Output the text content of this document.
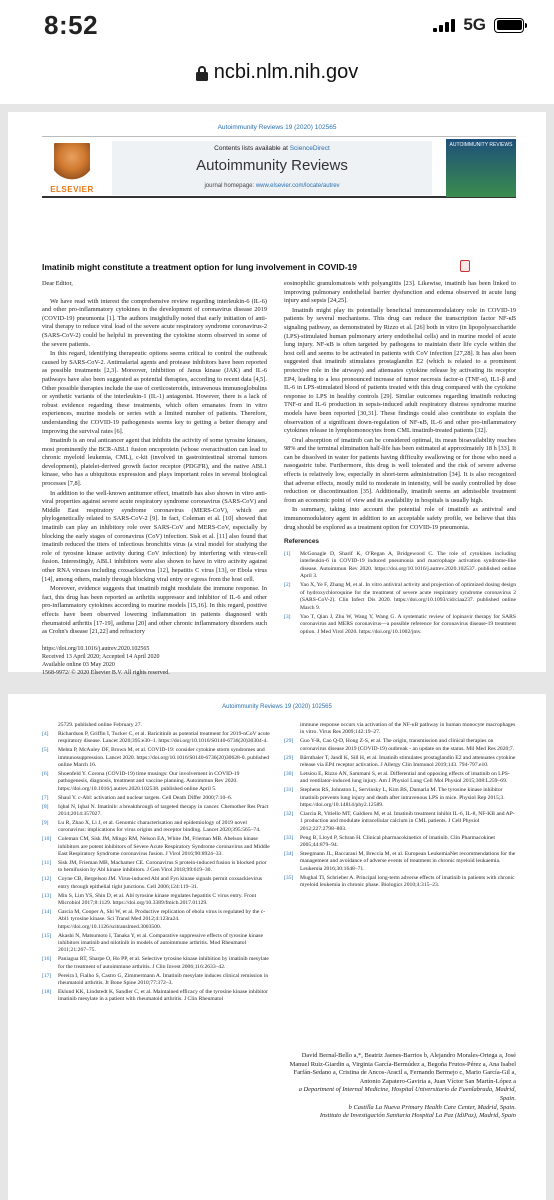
8:52	5G
ncbi.nlm.nih.gov
Autoimmunity Reviews 19 (2020) 102565
ELSEVIER
Contents lists available at ScienceDirect
Autoimmunity Reviews
journal homepage: www.elsevier.com/locate/autrev
AUTOIMMUNITY REVIEWS
Imatinib might constitute a treatment option for lung involvement in COVID-19

Dear Editor,

We have read with interest the comprehensive review regarding interleukin-6 (IL-6) and other pro-inflammatory cytokines in the development of coronavirus disease 2019 (COVID-19) pneumonia [1]. The authors insightfully noted that early initiation of anti-viral therapy to reduce viral load of the severe acute respiratory syndrome coronavirus-2 (SARS-CoV-2) could be helpful in preventing the cytokine storm observed in some of the severe patients.

In this regard, identifying therapeutic options seems critical to control the outbreak caused by SARS-CoV-2. Antimalarial agents and protease inhibitors have been reported as possible treatments [2,3]. Moreover, inhibition of Janus kinase (JAK) and IL-6 pathways have also been suggested as potential therapies, according to recent data [4,5]. Other possible therapies include the use of corticosteroids, intravenous immunoglobulins or synthetic variants of the interleukin-1 (IL-1) antagonist. However, there is a lack of robust evidence regarding these treatments, which often emanates from in vitro experiences, murine models or series with a limited number of patients. Therefore, understanding the COVID-19 pathogenesis seems key to getting a better therapy and improving the survival rates [6].

Imatinib is an oral anticancer agent that inhibits the activity of some tyrosine kinases, most prominently the BCR-ABL1 fusion oncoprotein (whose overactivation can lead to chronic myeloid leukemia, CML), c-kit (involved in gastrointestinal stromal tumors development), platelet-derived growth factor receptor (PDGFR), and the native ABL1 kinase, who has a ubiquitous expression and plays important roles in several biological processes [7,8].

In addition to the well-known antitumor effect, imatinib has also shown in vitro anti-viral properties against severe acute respiratory syndrome coronavirus (SARS-CoV) and Middle East respiratory syndrome coronavirus (MERS-CoV), which are phylogenetically related to SARS-CoV-2 [9]. In fact, Coleman et al. [10] showed that imatinib can play an inhibitory role over SARS-CoV and MERS-CoV, especially by blocking the early stages of coronavirus (CoV) infection. Sisk et al. [11] also found that imatinib reduced the titers of infectious bronchitis virus (a viral model for studying the role of tyrosine kinase activity during CoV infection) by interfering with virus-cell fusion. Interestingly, ABL1 inhibitors were also shown to have in vitro activity against other RNA viruses including coxsackievirus [12], hepatitis C virus [13], or Ebola virus [14], among others, mainly through blocking viral entry or egress from the host cell.

Moreover, evidence suggests that imatinib might modulate the immune response. In fact, this drug has been reported as arthritis suppressor and inhibitor of IL-6 and other pro-inflammatory cytokines according to murine models [15,16]. In this regard, positive effects have been observed lowering inflammation in patients diagnosed with rheumatoid arthritis [17-19], asthma [20] and other chronic inflammatory disorders such as Crohn's disease [21,22] and refractory

https://doi.org/10.1016/j.autrev.2020.102565
Received 13 April 2020; Accepted 14 April 2020
Available online 03 May 2020
1568-9972/ © 2020 Elsevier B.V. All rights reserved.

eosinophilic granulomatosis with polyangiitis [23]. Likewise, imatinib has been linked to improving pulmonary endothelial barrier dysfunction and edema observed in acute lung injury and sepsis [24,25].

Imatinib might play its potentially beneficial immunomodulatory role in COVID-19 patients by several mechanisms. This drug can reduce the transcription factor NF-κB signaling pathway, as demonstrated by Rizzo et al. [26] both in vitro (in lipopolysaccharide (LPS)-stimulated human pulmonary artery endothelial cells) and in murine model of acute lung injury. NF-κB is often targeted by pathogens to maintain their life cycle within the host cell and seems to be activated in patients with CoV infection [27,28]. It has also been suggested that imatinib stimulates prostaglandin E2 (which is related to a prominent protective role in the airways) and attenuates cytokine release by activating its receptor EP4, leading to a less pronounced increase of tumor necrosis factor-α (TNF-α), IL1-β and IL-6 in LPS-stimulated blood of patients treated with this drug compared with the cytokine response to LPS in healthy controls [29]. Similar outcomes regarding imatinib reducing TNF-α and IL-6 production in sepsis-induced adult respiratory distress syndrome murine models have been reported [30,31]. These findings could also contribute to explain the observation of a significant down-regulation of NF-κB, IL-6 and other pro-inflammatory cytokines release in lymphomonocytes from CML imatinib-treated patients [32].

Oral absorption of imatinib can be considered optimal, its mean bioavailability reaches 98% and the terminal elimination half-life has been estimated at approximately 18 h [33]. It can be dissolved in water for patients having difficulty swallowing or for those who need a nasogastric tube. Furthermore, this drug is well tolerated and the risk of severe adverse effects is relatively low, especially in short-term administration [34]. It is also recognized that adverse effects, mostly mild to moderate in intensity, will be easily controlled by dose reduction or discontinuation [35]. Additionally, imatinib seems an admissible treatment from an economic point of view and its availability in hospitals is usually high.

In summary, taking into account the potential role of imatinib as antiviral and immunomodulatory agent in addition to an acceptable safety profile, we believe that this drug should be explored as a treatment option for COVID-19 pneumonia.

References
[1]	McGonagle D, Sharif K, O'Regan A, Bridgewood C. The role of cytokines including interleukin-6 in COVID-19 induced pneumonia and macrophage activation syndrome-like disease. Autoimmun Rev 2020. https://doi.org/10.1016/j.autrev.2020.102537. published online April 3.
[2]	Yao X, Ye F, Zhang M, et al. In vitro antiviral activity and projection of optimized dosing design of hydroxychloroquine for the treatment of severe acute respiratory syndrome coronavirus 2 (SARS-CoV-2). Clin Infect Dis 2020. https://doi.org/10.1093/cid/ciaa237. published online March 9.
[3]	Yao T, Qian J, Zhu W, Wang Y, Wang G. A systematic review of lopinavir therapy for SARS coronavirus and MERS coronavirus—a possible reference for coronavirus disease-19 treatment option. J Med Virol 2020. https://doi.org/10.1002/jmv.
Autoimmunity Reviews 19 (2020) 102565
25729. published online February 27.
[4]	Richardson P, Griffin I, Tucker C, et al. Baricitinib as potential treatment for 2019-nCoV acute respiratory disease. Lancet 2020;395:e30–1. https://doi.org/10.1016/S0140-6736(20)30304-4.
[5]	Mehta P, McAuley DF, Brown M, et al. COVID-19: consider cytokine storm syndromes and immunosuppression. Lancet 2020. https://doi.org/10.1016/S0140-6736(20)30628-0. published online March 16.
[6]	Shoenfeld Y. Corona (COVID-19) time musings: Our involvement in COVID-19 pathogenesis, diagnosis, treatment and vaccine planning. Autoimmun Rev 2020. https://doi.org/10.1016/j.autrev.2020.102538. published online April 5.
[7]	Shaul Y. c-Abl: activation and nuclear targets. Cell Death Differ 2000;7:10–6.
[8]	Iqbal N, Iqbal N. Imatinib: a breakthrough of targeted therapy in cancer. Chemother Res Pract 2014;2014:357027.
[9]	Lu R, Zhao X, Li J, et al. Genomic characterisation and epidemiology of 2019 novel coronavirus: implications for virus origins and receptor binding. Lancet 2020;395:565–74.
[10]	Coleman CM, Sisk JM, Mingo RM, Nelson EA, White JM, Frieman MB. Abelson kinase inhibitors are potent inhibitors of Severe Acute Respiratory Syndrome coronavirus and Middle East Respiratory Syndrome coronavirus fusion. J Virol 2016;90:8924–33.
[11]	Sisk JM, Frieman MB, Machamer CE. Coronavirus S protein-induced fusion is blocked prior to hemifusion by Abl kinase inhibitors. J Gen Virol 2018;99:619–30.
[12]	Coyne CB, Bergelson JM. Virus-induced Abl and Fyn kinase signals permit coxsackievirus entry through epithelial tight junctions. Cell 2006;124:119–31.
[13]	Min S, Lim YS, Shin D, et al. Abl tyrosine kinase regulates hepatitis C virus entry. Front Microbiol 2017;8:1129. https://doi.org/10.3389/fmicb.2017.01129.
[14]	García M, Cooper A, Shi W, et al. Productive replication of ebola virus is regulated by the c-Abl1 tyrosine kinase. Sci Transl Med 2012;4:123ra24. https://doi.org/10.1126/scitranslmed.3003500.
[15]	Akashi N, Matsumoto I, Tanaka Y, et al. Comparative suppressive effects of tyrosine kinase inhibitors imatinib and nilotinib in models of autoimmune arthritis. Mod Rheumatol 2011;21:267–75.
[16]	Paniagua RT, Sharpe O, Ho PP, et al. Selective tyrosine kinase inhibition by imatinib mesylate for the treatment of autoimmune arthritis. J Clin Invest 2006;116:2633–42.
[17]	Pereira I, Fialho S, Castro G, Zimmermann A. Imatinib mesylate induces clinical remission in rheumatoid arthritis. Jt Bone Spine 2010;77:372–3.
[18]	Eklund KK, Lindstedt K, Sandler C, et al. Maintained efficacy of the tyrosine kinase inhibitor imatinib mesylate in a patient with rheumatoid arthritis. J Clin Rheumatol
immune response occurs via activation of the NF-κB pathway in human monocyte macrophages in vitro. Virus Res 2009;142:19–27.
[29]	Guo Y-R, Cao Q-D, Hong Z-S, et al. The origin, transmission and clinical therapies on coronavirus disease 2019 (COVID-19) outbreak - an update on the status. Mil Med Res 2020;7.
[29]	Bärnthaler T, Jandl K, Sill H, et al. Imatinib stimulates prostaglandin E2 and attenuates cytokine release via EP4 receptor activation. J Allergy Clin Immunol 2019;143. 794-797.e10.
[30]	Letsiou E, Rizzo AN, Sammani S, et al. Differential and opposing effects of imatinib on LPS- and ventilator-induced lung injury. Am J Physiol Lung Cell Mol Physiol 2015;308:L259–69.
[31]	Stephens RS, Johnston L, Servinsky L, Kim BS, Damarla M. The tyrosine kinase inhibitor imatinib prevents lung injury and death after intravenous LPS in mice. Physiol Rep 2015;3. https://doi.org/10.14814/phy2.12589.
[32]	Ciarcia R, Vitiello MT, Galdiero M, et al. Imatinib treatment inhibit IL-6, IL-8, NF-KB and AP-1 production and modulate intracellular calcium in CML patients. J Cell Physiol 2012;227:2798–803.
[33]	Peng B, Lloyd P, Schran H. Clinical pharmacokinetics of imatinib. Clin Pharmacokinet 2005;44:879–94.
[34]	Steegmann JL, Baccarani M, Breccia M, et al. European LeukemiaNet recommendations for the management and avoidance of adverse events of treatment in chronic myeloid leukaemia. Leukemia 2016;30:1648–71.
[35]	Mughal TI, Schrieber A. Principal long-term adverse effects of imatinib in patients with chronic myeloid leukemia in chronic phase. Biologics 2010;4:315–23.
David Bernal-Bello a,*, Beatriz Jaenes-Barrios b, Alejandro Morales-Ortega a, José Manuel Ruiz-Giardin a, Virginia García-Bermúdez a, Begoña Frutos-Pérez a, Ana Isabel Farfán-Sedano a, Cristina de Ancos-Aracil a, Fernando Bermejo c, Mario García-Gil a, Antonio Zapatero-Gaviria a, Juan Víctor San Martín-López a
a Department of Internal Medicine, Hospital Universitario de Fuenlabrada, Madrid, Spain.
b Castilla La Nueva Primary Health Care Center, Madrid, Spain.
Instituto de Investigación Sanitaria Hospital La Paz (IdiPaz), Madrid, Spain
